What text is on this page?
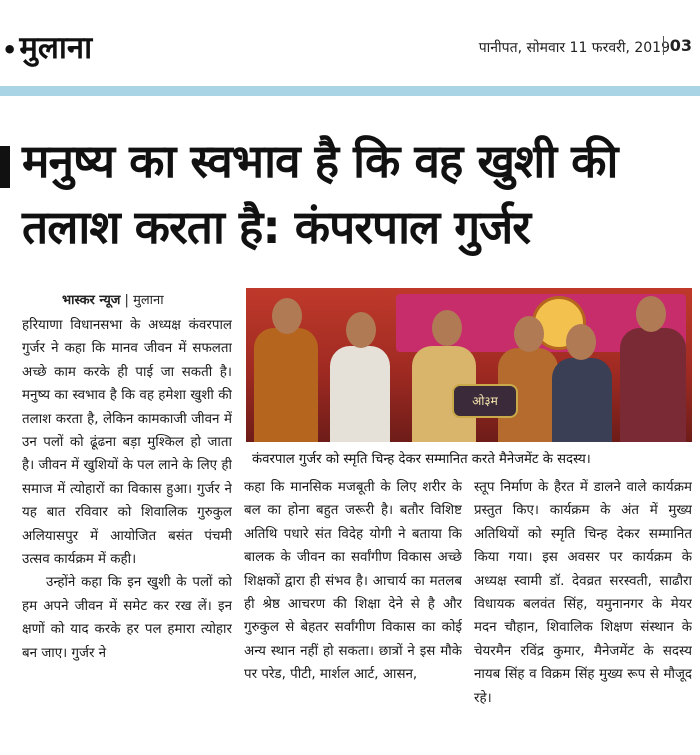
•मुलाना	पानीपत, सोमवार 11 फरवरी, 2019 03
मनुष्य का स्वभाव है कि वह खुशी की तलाश करता है: कंपरपाल गुर्जर
भास्कर न्यूज | मुलाना

हरियाणा विधानसभा के अध्यक्ष कंवरपाल गुर्जर ने कहा कि मानव जीवन में सफलता अच्छे काम करके ही पाई जा सकती है। मनुष्य का स्वभाव है कि वह हमेशा खुशी की तलाश करता है, लेकिन कामकाजी जीवन में उन पलों को ढूंढना बड़ा मुश्किल हो जाता है। जीवन में खुशियों के पल लाने के लिए ही समाज में त्योहारों का विकास हुआ। गुर्जर ने यह बात रविवार को शिवालिक गुरुकुल अलियासपुर में आयोजित बसंत पंचमी उत्सव कार्यक्रम में कही।

उन्होंने कहा कि इन खुशी के पलों को हम अपने जीवन में समेट कर रख लें। इन क्षणों को याद करके हर पल हमारा त्योहार बन जाए। गुर्जर ने

ओ३म
कंवरपाल गुर्जर को स्मृति चिन्ह देकर सम्मानित करते मैनेजमेंट के सदस्य।

कहा कि मानसिक मजबूती के लिए शरीर के बल का होना बहुत जरूरी है। बतौर विशिष्ट अतिथि पधारे संत विदेह योगी ने बताया कि बालक के जीवन का सर्वांगीण विकास अच्छे शिक्षकों द्वारा ही संभव है। आचार्य का मतलब ही श्रेष्ठ आचरण की शिक्षा देने से है और गुरुकुल से बेहतर सर्वांगीण विकास का कोई अन्य स्थान नहीं हो सकता। छात्रों ने इस मौके पर परेड, पीटी, मार्शल आर्ट, आसन,

स्तूप निर्माण के हैरत में डालने वाले कार्यक्रम प्रस्तुत किए। कार्यक्रम के अंत में मुख्य अतिथियों को स्मृति चिन्ह देकर सम्मानित किया गया। इस अवसर पर कार्यक्रम के अध्यक्ष स्वामी डॉ. देवव्रत सरस्वती, साढौरा विधायक बलवंत सिंह, यमुनानगर के मेयर मदन चौहान, शिवालिक शिक्षण संस्थान के चेयरमैन रविंद्र कुमार, मैनेजमेंट के सदस्य नायब सिंह व विक्रम सिंह मुख्य रूप से मौजूद रहे।
